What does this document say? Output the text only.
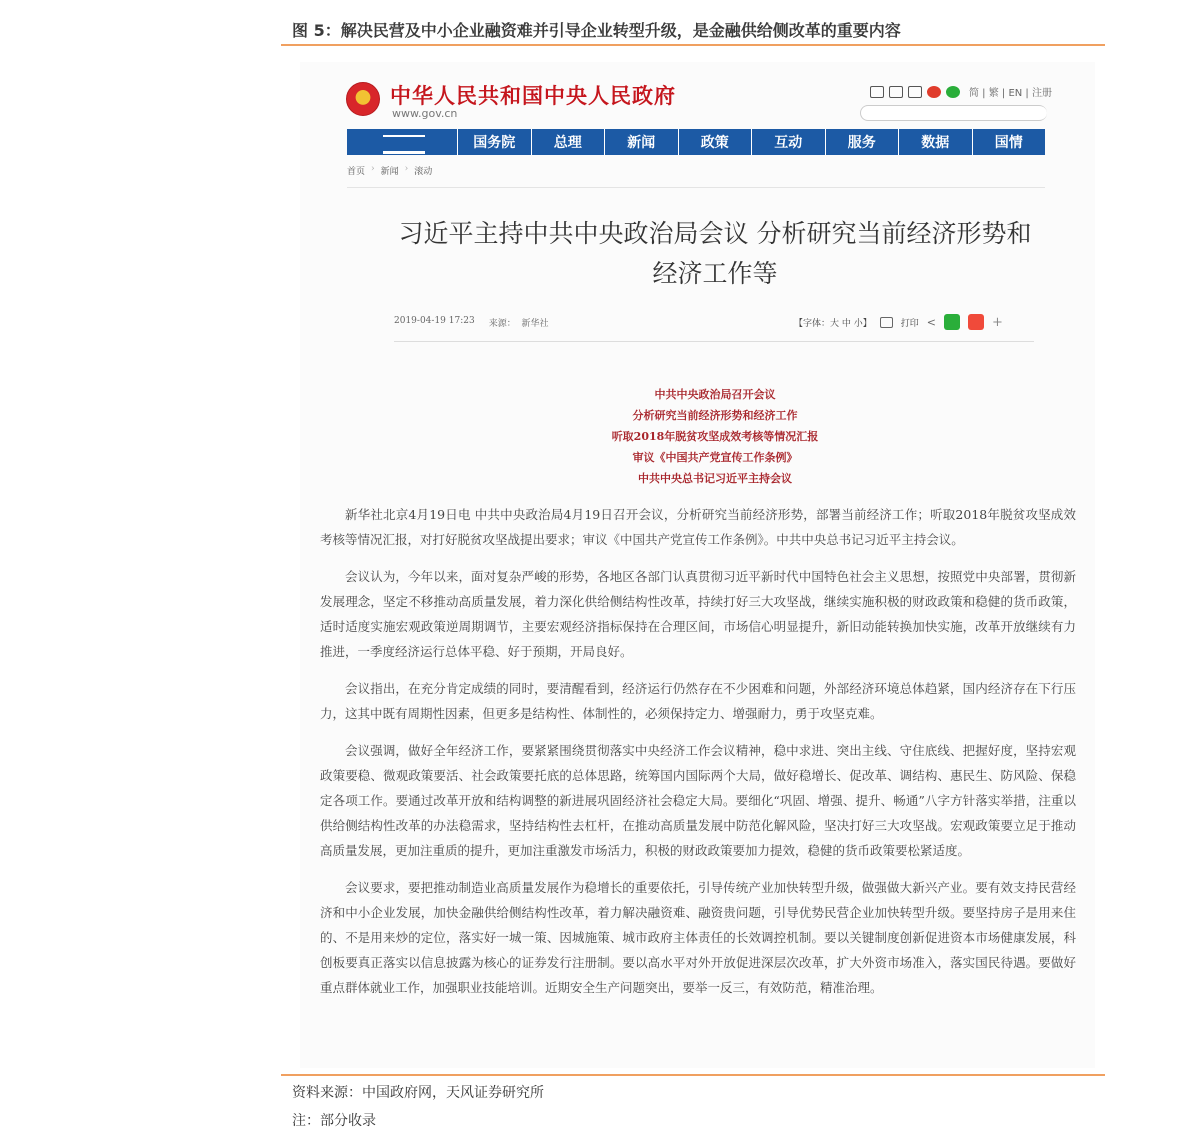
图 5：解决民营及中小企业融资难并引导企业转型升级，是金融供给侧改革的重要内容
中华人民共和国中央人民政府
www.gov.cn
简 | 繁 | EN | 注册
国务院	总理	新闻	政策	互动	服务	数据	国情
首页 › 新闻 › 滚动
习近平主持中共中央政治局会议 分析研究当前经济形势和经济工作等
2019-04-19 17:23 来源： 新华社	【字体：大 中 小】	打印 <	+
中共中央政治局召开会议
分析研究当前经济形势和经济工作
听取2018年脱贫攻坚成效考核等情况汇报
审议《中国共产党宣传工作条例》
中共中央总书记习近平主持会议

新华社北京4月19日电 中共中央政治局4月19日召开会议，分析研究当前经济形势，部署当前经济工作；听取2018年脱贫攻坚成效考核等情况汇报，对打好脱贫攻坚战提出要求；审议《中国共产党宣传工作条例》。中共中央总书记习近平主持会议。

会议认为，今年以来，面对复杂严峻的形势，各地区各部门认真贯彻习近平新时代中国特色社会主义思想，按照党中央部署，贯彻新发展理念，坚定不移推动高质量发展，着力深化供给侧结构性改革，持续打好三大攻坚战，继续实施积极的财政政策和稳健的货币政策，适时适度实施宏观政策逆周期调节，主要宏观经济指标保持在合理区间，市场信心明显提升，新旧动能转换加快实施，改革开放继续有力推进，一季度经济运行总体平稳、好于预期，开局良好。

会议指出，在充分肯定成绩的同时，要清醒看到，经济运行仍然存在不少困难和问题，外部经济环境总体趋紧，国内经济存在下行压力，这其中既有周期性因素，但更多是结构性、体制性的，必须保持定力、增强耐力，勇于攻坚克难。

会议强调，做好全年经济工作，要紧紧围绕贯彻落实中央经济工作会议精神，稳中求进、突出主线、守住底线、把握好度，坚持宏观政策要稳、微观政策要活、社会政策要托底的总体思路，统筹国内国际两个大局，做好稳增长、促改革、调结构、惠民生、防风险、保稳定各项工作。要通过改革开放和结构调整的新进展巩固经济社会稳定大局。要细化“巩固、增强、提升、畅通”八字方针落实举措，注重以供给侧结构性改革的办法稳需求，坚持结构性去杠杆，在推动高质量发展中防范化解风险，坚决打好三大攻坚战。宏观政策要立足于推动高质量发展，更加注重质的提升，更加注重激发市场活力，积极的财政政策要加力提效，稳健的货币政策要松紧适度。

会议要求，要把推动制造业高质量发展作为稳增长的重要依托，引导传统产业加快转型升级，做强做大新兴产业。要有效支持民营经济和中小企业发展，加快金融供给侧结构性改革，着力解决融资难、融资贵问题，引导优势民营企业加快转型升级。要坚持房子是用来住的、不是用来炒的定位，落实好一城一策、因城施策、城市政府主体责任的长效调控机制。要以关键制度创新促进资本市场健康发展，科创板要真正落实以信息披露为核心的证券发行注册制。要以高水平对外开放促进深层次改革，扩大外资市场准入，落实国民待遇。要做好重点群体就业工作，加强职业技能培训。近期安全生产问题突出，要举一反三，有效防范，精准治理。

资料来源：中国政府网，天风证券研究所
注：部分收录
